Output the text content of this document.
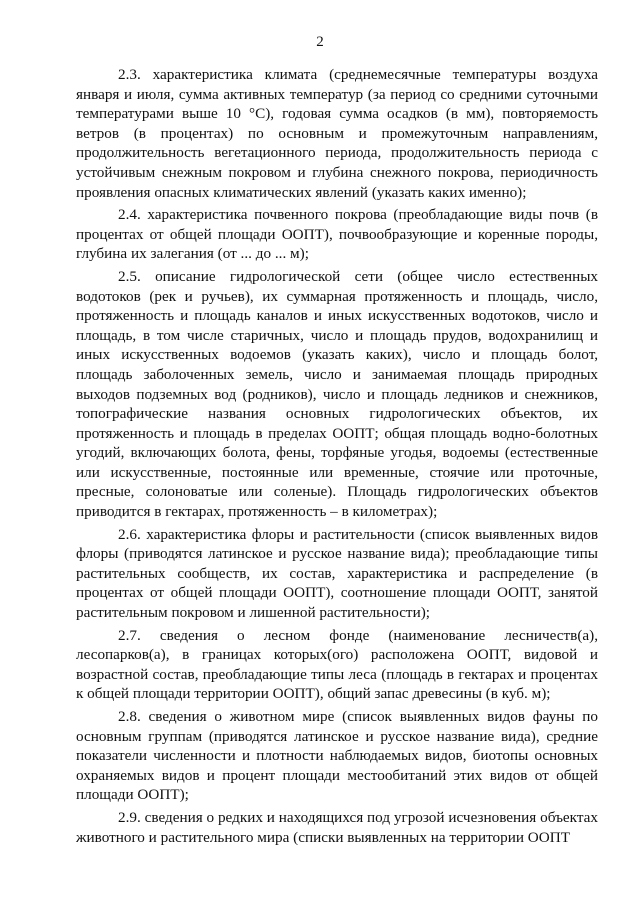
2

2.3. характеристика климата (среднемесячные температуры воздуха января и июля, сумма активных температур (за период со средними суточными температурами выше 10 °С), годовая сумма осадков (в мм), повторяемость ветров (в процентах) по основным и промежуточным направлениям, продолжительность вегетационного периода, продолжительность периода с устойчивым снежным покровом и глубина снежного покрова, периодичность проявления опасных климатических явлений (указать каких именно);

2.4. характеристика почвенного покрова (преобладающие виды почв (в процентах от общей площади ООПТ), почвообразующие и коренные породы, глубина их залегания (от ... до ... м);

2.5. описание гидрологической сети (общее число естественных водотоков (рек и ручьев), их суммарная протяженность и площадь, число, протяженность и площадь каналов и иных искусственных водотоков, число и площадь, в том числе старичных, число и площадь прудов, водохранилищ и иных искусственных водоемов (указать каких), число и площадь болот, площадь заболоченных земель, число и занимаемая площадь природных выходов подземных вод (родников), число и площадь ледников и снежников, топографические названия основных гидрологических объектов, их протяженность и площадь в пределах ООПТ; общая площадь водно-болотных угодий, включающих болота, фены, торфяные угодья, водоемы (естественные или искусственные, постоянные или временные, стоячие или проточные, пресные, солоноватые или соленые). Площадь гидрологических объектов приводится в гектарах, протяженность – в километрах);

2.6. характеристика флоры и растительности (список выявленных видов флоры (приводятся латинское и русское название вида); преобладающие типы растительных сообществ, их состав, характеристика и распределение (в процентах от общей площади ООПТ), соотношение площади ООПТ, занятой растительным покровом и лишенной растительности);

2.7. сведения о лесном фонде (наименование лесничеств(а), лесопарков(а), в границах которых(ого) расположена ООПТ, видовой и возрастной состав, преобладающие типы леса (площадь в гектарах и процентах к общей площади территории ООПТ), общий запас древесины (в куб. м);

2.8. сведения о животном мире (список выявленных видов фауны по основным группам (приводятся латинское и русское название вида), средние показатели численности и плотности наблюдаемых видов, биотопы основных охраняемых видов и процент площади местообитаний этих видов от общей площади ООПТ);

2.9. сведения о редких и находящихся под угрозой исчезновения объектах животного и растительного мира (списки выявленных на территории ООПТ
